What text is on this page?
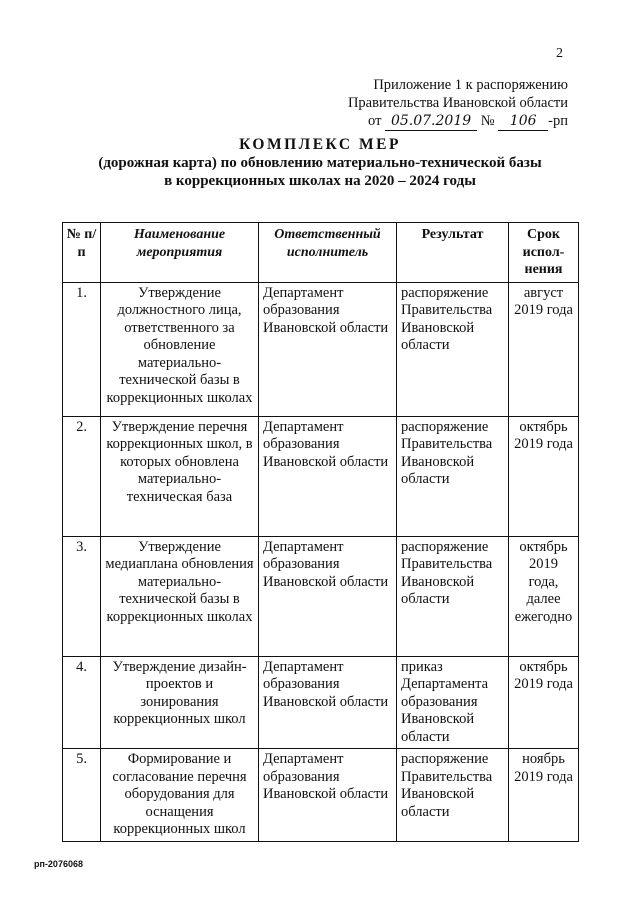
2
Приложение 1 к распоряжению
Правительства Ивановской области
от 05.07.2019 № 106 -рп
КОМПЛЕКС МЕР
(дорожная карта) по обновлению материально-технической базы
в коррекционных школах на 2020 – 2024 годы
№ п/п	Наименование мероприятия	Ответственный исполнитель	Результат	Срок испол-нения
1.	Утверждение должностного лица, ответственного за обновление материально-технической базы в коррекционных школах	Департамент образования Ивановской области	распоряжение Правительства Ивановской области	август 2019 года
2.	Утверждение перечня коррекционных школ, в которых обновлена материально-техническая база	Департамент образования Ивановской области	распоряжение Правительства Ивановской области	октябрь 2019 года
3.	Утверждение медиаплана обновления материально-технической базы в коррекционных школах	Департамент образования Ивановской области	распоряжение Правительства Ивановской области	октябрь 2019 года, далее ежегодно
4.	Утверждение дизайн-проектов и зонирования коррекционных школ	Департамент образования Ивановской области	приказ Департамента образования Ивановской области	октябрь 2019 года
5.	Формирование и согласование перечня оборудования для оснащения коррекционных школ	Департамент образования Ивановской области	распоряжение Правительства Ивановской области	ноябрь 2019 года
рп-2076068
